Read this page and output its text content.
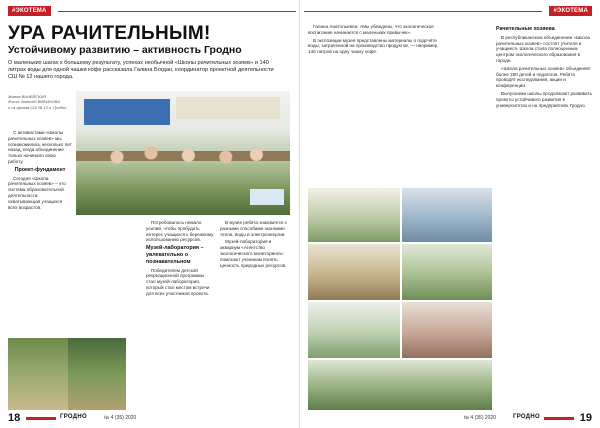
#ЭКОТЕМА
УРА РАЧИТЕЛЬНЫМ!
Устойчивому развитию – активность Гродно
О маленьких шагах к большому результату, успехах необычной «Школы рачительных хозяев» и 140 литрах воды для одной чашки кофе рассказала Галина Богдан, координатор проектной деятельности СШ № 12 нашего города.
Жанна ВАНЕЙСКАЯ
Фото: Алексей ВИБИНОВА
и из архива СШ № 12 г. Гродно

С активистами «Школы рачительных хозяев» мы познакомились несколько лет назад, когда объединение только начинало свою работу.

Проект-фундамент

Сегодня «Школа рачительных хозяев» – это система образовательной деятельности, охватывающая учащихся всех возрастов.

Потребовалось немало усилий, чтобы пробудить интерес учащихся к бережному использованию ресурсов.

Музей-лаборатория – увлекательно о познавательном

Победителем детской рекреационной программы стал музей-лаборатория, который стал местом встречи для всех участников проекта.

В музее ребята знакомятся с разными способами экономии тепла, воды и электроэнергии.

Музей-лаборатория и аквариум «Агентство экологического мониторинга» помогают ученикам понять ценность природных ресурсов.

18	ГРОДНО	№ 4 (35) 2020
#ЭКОТЕМА

Галина Анатольевна: «Мы убеждены, что экологическое воспитание начинается с маленьких привычек».

В экспозиции музея представлены материалы о подсчёте воды, затраченной на производство продуктов, — например, 140 литров на одну чашку кофе.

Рачительные хозяева

В республиканском объединении «Школа рачительных хозяев» состоят учителя и учащиеся. Школа стала полноценным центром экологического образования в городе.

«Школа рачительных хозяев» объединяет более 250 детей и педагогов. Ребята проводят исследования, акции и конференции.

Выпускники школы продолжают развивать проекты устойчивого развития в университетах и на предприятиях Гродно.

№ 4 (35) 2020	ГРОДНО	19
